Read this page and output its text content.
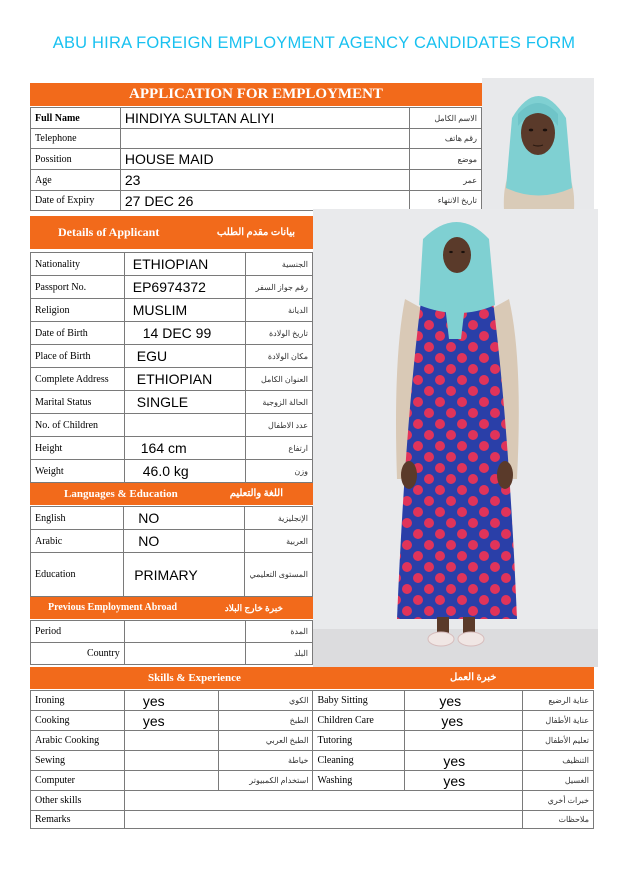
ABU HIRA FOREIGN EMPLOYMENT AGENCY CANDIDATES FORM
APPLICATION FOR EMPLOYMENT
Full Name	HINDIYA SULTAN ALIYI	الاسم الكامل
Telephone		رقم هاتف
Possition	HOUSE MAID	موضع
Age	23	عمر
Date of Expiry	27 DEC 26	تاريخ الانتهاء
Details of Applicant	بيانات مقدم الطلب
Nationality	ETHIOPIAN	الجنسية
Passport No.	EP6974372	رقم جواز السفر
Religion	MUSLIM	الديانة
Date of Birth	14 DEC 99	تاريخ الولادة
Place of Birth	EGU	مكان الولادة
Complete Address	ETHIOPIAN	العنوان الكامل
Marital Status	SINGLE	الحالة الزوجية
No. of Children		عدد الاطفال
Height	164 cm	ارتفاع
Weight	46.0 kg	وزن
Languages & Education	اللغة والتعليم
English	NO	الإنجليزية
Arabic	NO	العربية
Education	PRIMARY	المستوى التعليمي
Previous Employment Abroad	خبرة خارج البلاد
Period		المدة
Country		البلد
Skills & Experience	خبرة العمل
Ironing	yes	الكوي	Baby Sitting	yes	عناية الرضيع
Cooking	yes	الطبخ	Children Care	yes	عناية الأطفال
Arabic Cooking		الطبخ العربي	Tutoring		تعليم الأطفال
Sewing		خياطة	Cleaning	yes	التنظيف
Computer		استخدام الكمبيوتر	Washing	yes	الغسيل
Other skills					خبرات أخري
Remarks					ملاحظات
